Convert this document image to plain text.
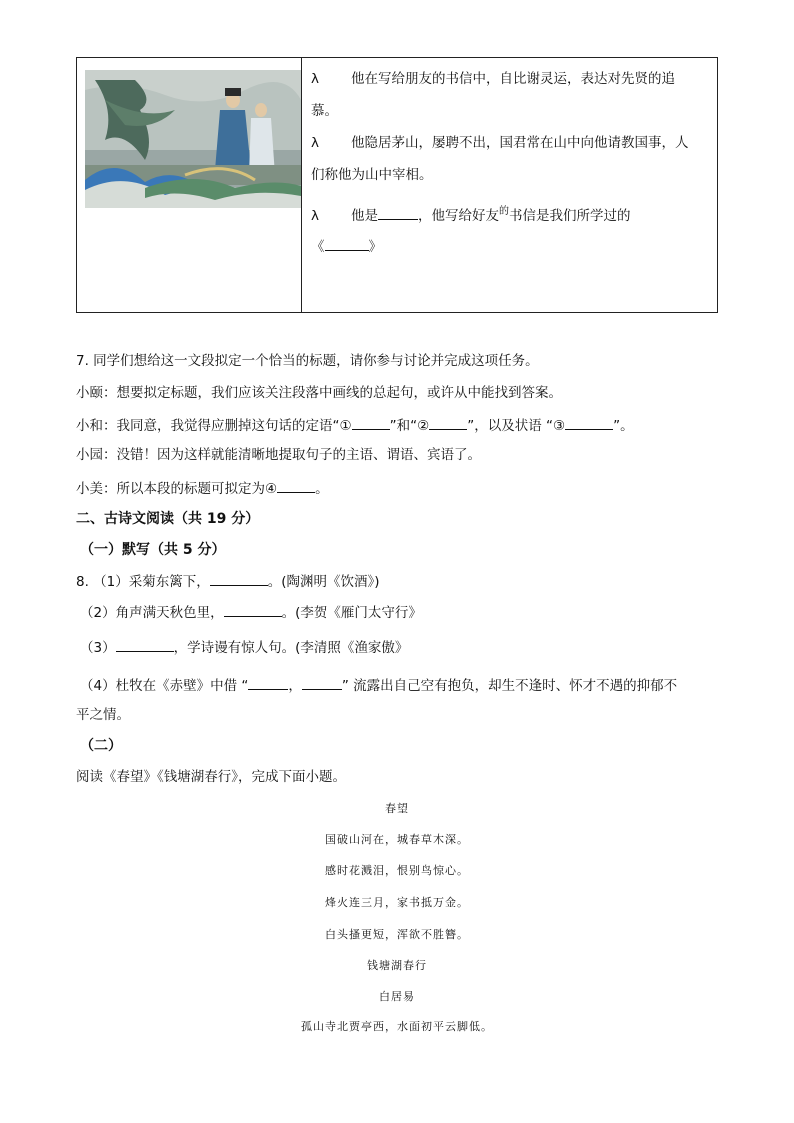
λ 他在写给朋友的书信中，自比谢灵运，表达对先贤的追
慕。
λ 他隐居茅山，屡聘不出，国君常在山中向他请教国事，人
们称他为山中宰相。
λ 他是	，他写给好友$^的$书信是我们所学过的
《	》
7. 同学们想给这一文段拟定一个恰当的标题，请你参与讨论并完成这项任务。
小颐：想要拟定标题，我们应该关注段落中画线的总起句，或许从中能找到答案。
小和：我同意，我觉得应删掉这句话的定语“①	”和“②	”，以及状语 “③	”。
小园：没错！因为这样就能清晰地提取句子的主语、谓语、宾语了。
小美：所以本段的标题可拟定为④	。
二、古诗文阅读（共 19 分）
（一）默写（共 5 分）
8. （1）采菊东篱下，	。(陶渊明《饮酒》)
（2）角声满天秋色里，	。(李贺《雁门太守行》
（3）	，学诗谩有惊人句。(李清照《渔家傲》
（4）杜牧在《赤壁》中借 “	，	” 流露出自己空有抱负，却生不逢时、怀才不遇的抑郁不
平之情。
（二）
阅读《春望》《钱塘湖春行》，完成下面小题。
春望
国破山河在，城春草木深。
感时花溅泪，恨别鸟惊心。
烽火连三月，家书抵万金。
白头搔更短，浑欲不胜簪。
钱塘湖春行
白居易
孤山寺北贾亭西，水面初平云脚低。
